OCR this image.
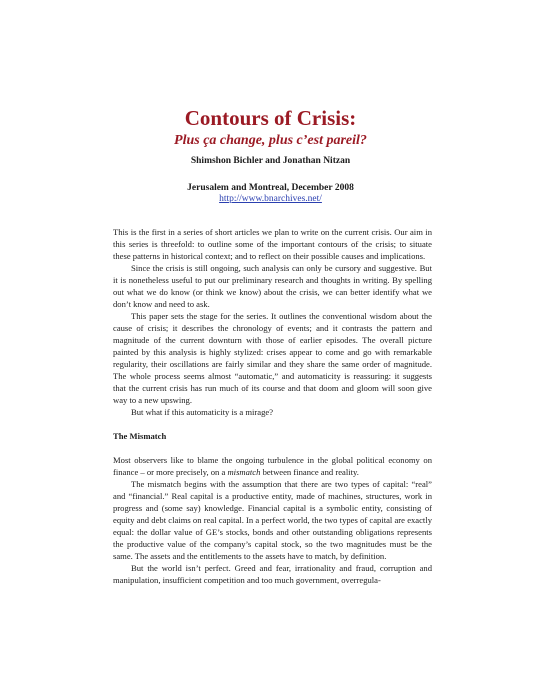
Contours of Crisis:
Plus ça change, plus c’est pareil?
Shimshon Bichler and Jonathan Nitzan
Jerusalem and Montreal, December 2008
http://www.bnarchives.net/

This is the first in a series of short articles we plan to write on the current crisis. Our aim in this series is threefold: to outline some of the important contours of the crisis; to situate these patterns in historical context; and to reflect on their possible causes and implications.

Since the crisis is still ongoing, such analysis can only be cursory and suggestive. But it is nonetheless useful to put our preliminary research and thoughts in writing. By spelling out what we do know (or think we know) about the crisis, we can better identify what we don’t know and need to ask.

This paper sets the stage for the series. It outlines the conventional wisdom about the cause of crisis; it describes the chronology of events; and it contrasts the pattern and magnitude of the current downturn with those of earlier episodes. The overall picture painted by this analysis is highly stylized: crises appear to come and go with remarkable regularity, their oscillations are fairly similar and they share the same order of magnitude. The whole process seems almost “automatic,” and automaticity is reassuring: it suggests that the current crisis has run much of its course and that doom and gloom will soon give way to a new upswing.

But what if this automaticity is a mirage?

The Mismatch

Most observers like to blame the ongoing turbulence in the global political economy on finance – or more precisely, on a mismatch between finance and reality.

The mismatch begins with the assumption that there are two types of capital: “real” and “financial.” Real capital is a productive entity, made of machines, structures, work in progress and (some say) knowledge. Financial capital is a symbolic entity, consisting of equity and debt claims on real capital. In a perfect world, the two types of capital are exactly equal: the dollar value of GE’s stocks, bonds and other outstanding obligations represents the productive value of the company’s capital stock, so the two magnitudes must be the same. The assets and the entitlements to the assets have to match, by definition.

But the world isn’t perfect. Greed and fear, irrationality and fraud, corruption and manipulation, insufficient competition and too much government, overregula-
